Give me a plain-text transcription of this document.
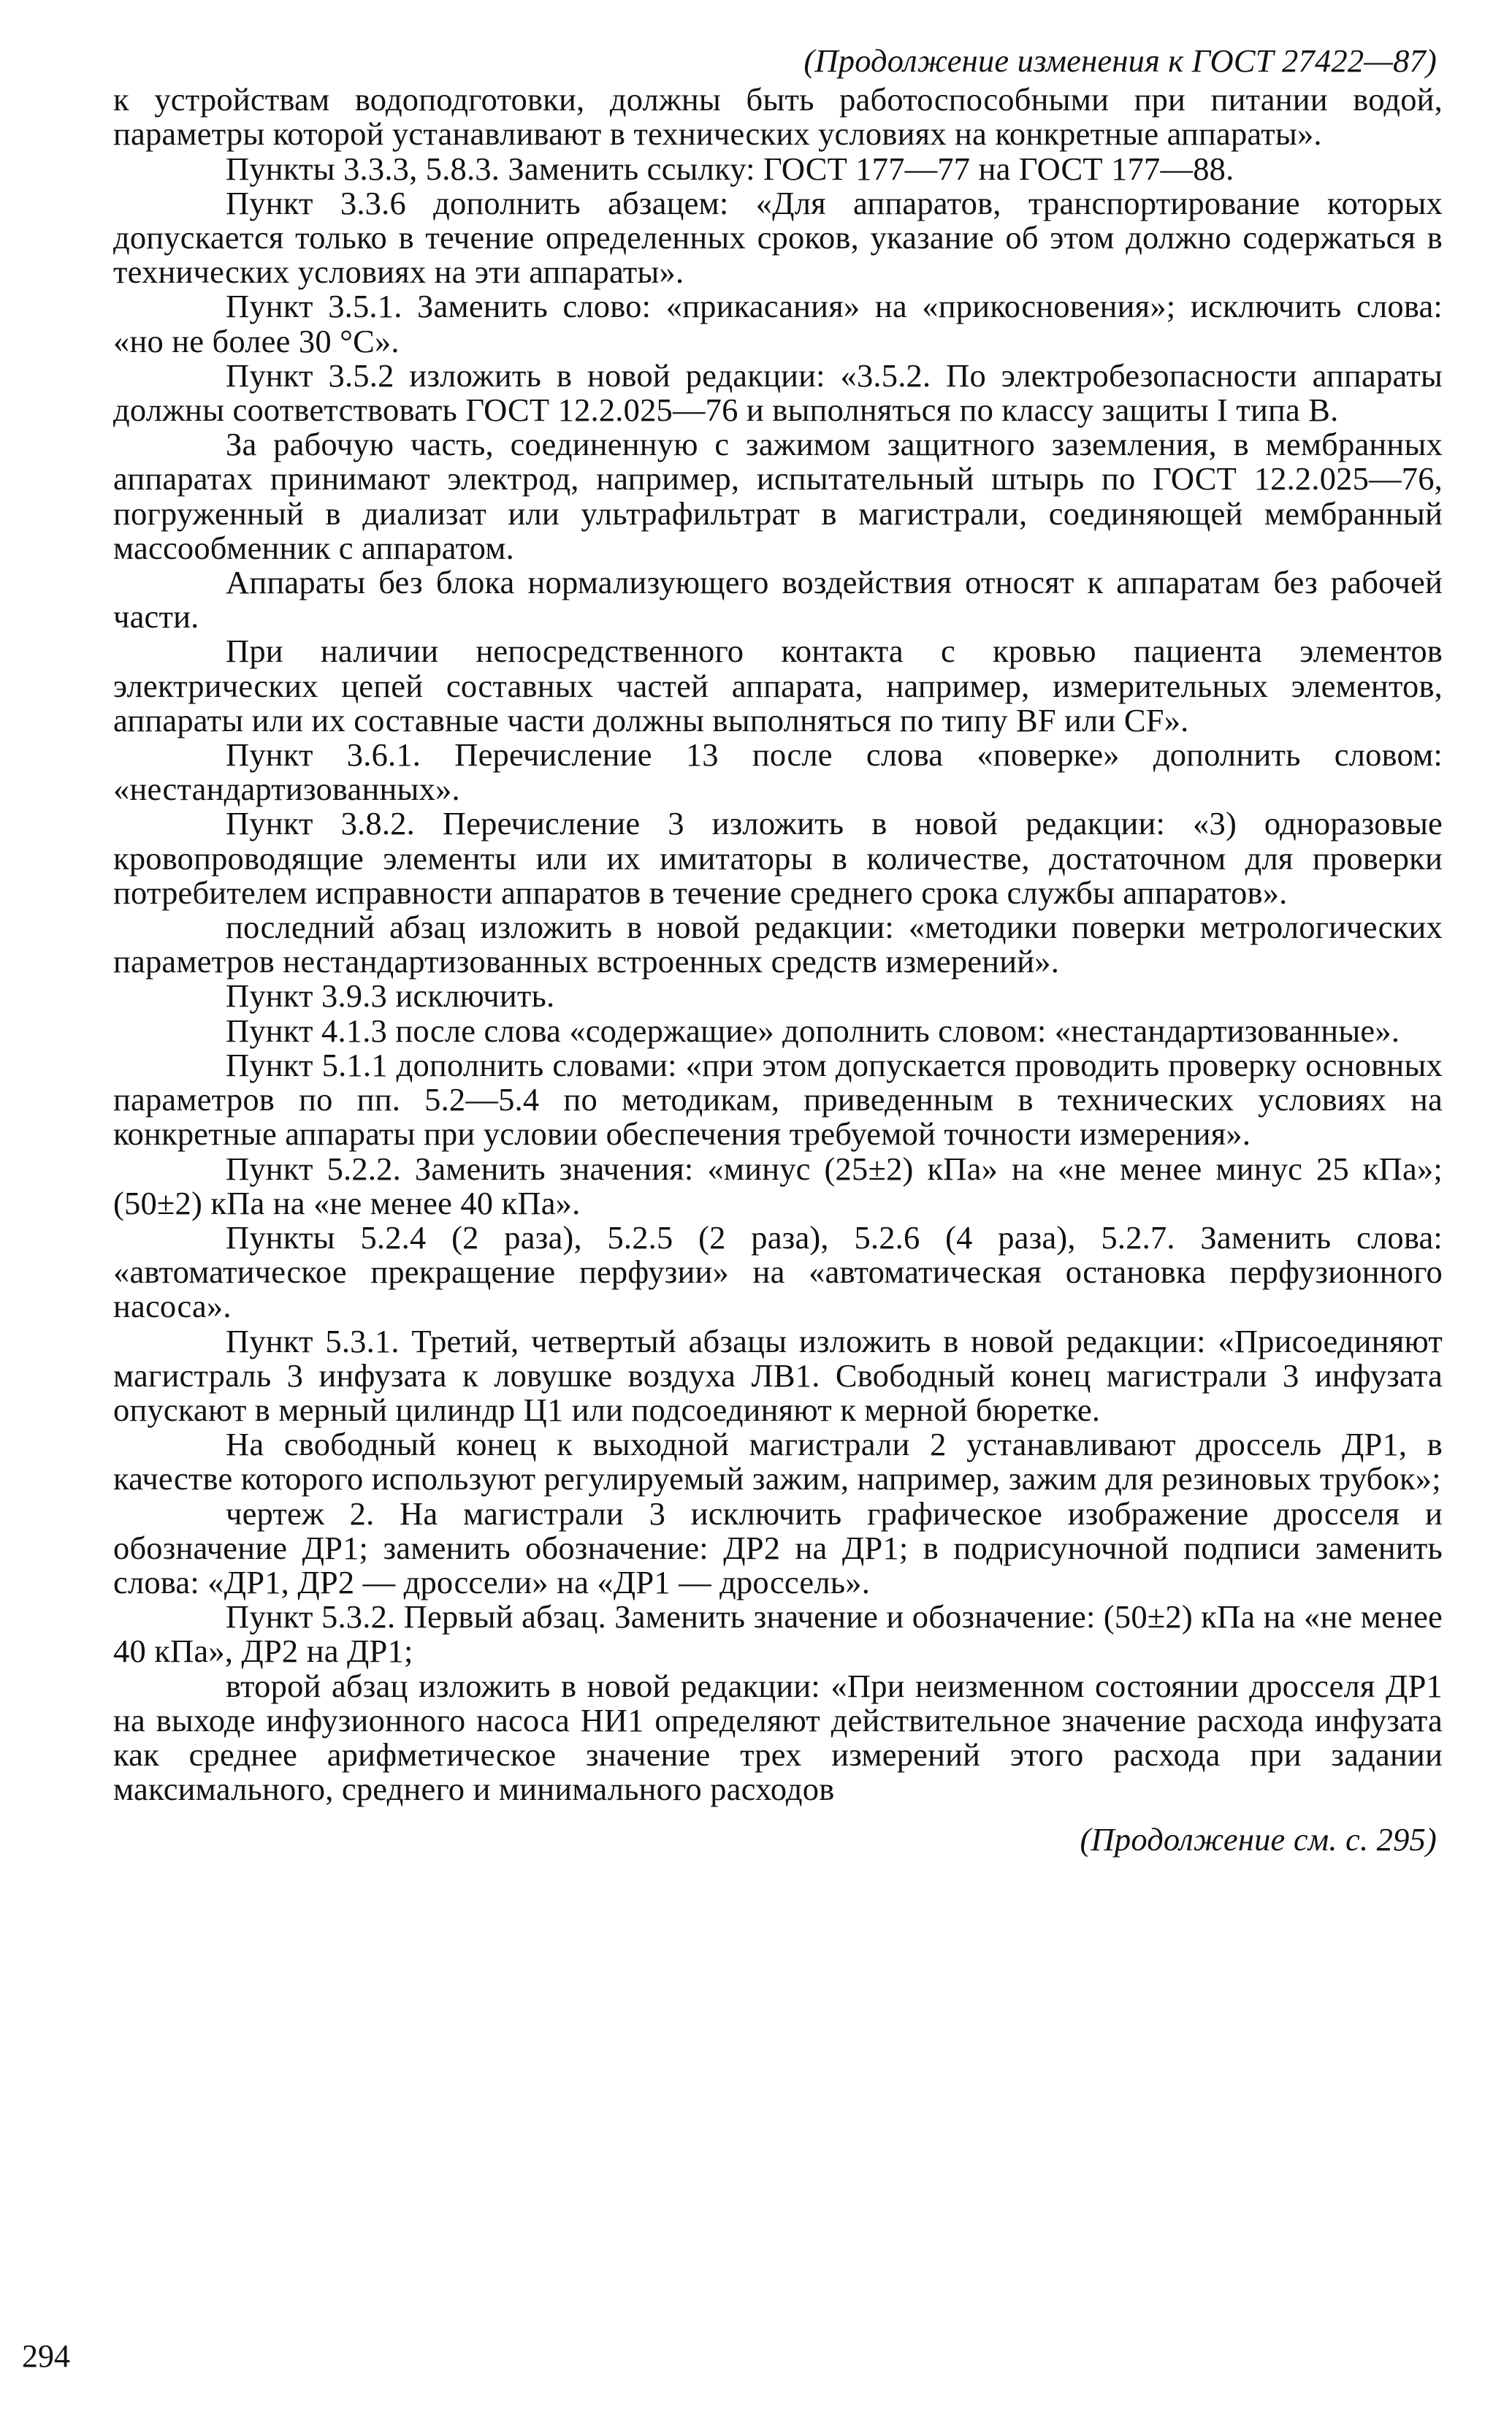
(Продолжение изменения к ГОСТ 27422—87)

к устройствам водоподготовки, должны быть работоспособными при питании водой, параметры которой устанавливают в технических условиях на конкретные аппараты».

Пункты 3.3.3, 5.8.3. Заменить ссылку: ГОСТ 177—77 на ГОСТ 177—88.

Пункт 3.3.6 дополнить абзацем: «Для аппаратов, транспортирование которых допускается только в течение определенных сроков, указание об этом должно содержаться в технических условиях на эти аппараты».

Пункт 3.5.1. Заменить слово: «прикасания» на «прикосновения»; исключить слова: «но не более 30 °С».

Пункт 3.5.2 изложить в новой редакции: «3.5.2. По электробезопасности аппараты должны соответствовать ГОСТ 12.2.025—76 и выполняться по классу защиты I типа В.

За рабочую часть, соединенную с зажимом защитного заземления, в мембранных аппаратах принимают электрод, например, испытательный штырь по ГОСТ 12.2.025—76, погруженный в диализат или ультрафильтрат в магистрали, соединяющей мембранный массообменник с аппаратом.

Аппараты без блока нормализующего воздействия относят к аппаратам без рабочей части.

При наличии непосредственного контакта с кровью пациента элементов электрических цепей составных частей аппарата, например, измерительных элементов, аппараты или их составные части должны выполняться по типу BF или CF».

Пункт 3.6.1. Перечисление 13 после слова «поверке» дополнить словом: «нестандартизованных».

Пункт 3.8.2. Перечисление 3 изложить в новой редакции: «3) одноразовые кровопроводящие элементы или их имитаторы в количестве, достаточном для проверки потребителем исправности аппаратов в течение среднего срока службы аппаратов».

последний абзац изложить в новой редакции: «методики поверки метрологических параметров нестандартизованных встроенных средств измерений».

Пункт 3.9.3 исключить.

Пункт 4.1.3 после слова «содержащие» дополнить словом: «нестандартизованные».

Пункт 5.1.1 дополнить словами: «при этом допускается проводить проверку основных параметров по пп. 5.2—5.4 по методикам, приведенным в технических условиях на конкретные аппараты при условии обеспечения требуемой точности измерения».

Пункт 5.2.2. Заменить значения: «минус (25±2) кПа» на «не менее минус 25 кПа»; (50±2) кПа на «не менее 40 кПа».

Пункты 5.2.4 (2 раза), 5.2.5 (2 раза), 5.2.6 (4 раза), 5.2.7. Заменить слова: «автоматическое прекращение перфузии» на «автоматическая остановка перфузионного насоса».

Пункт 5.3.1. Третий, четвертый абзацы изложить в новой редакции: «Присоединяют магистраль 3 инфузата к ловушке воздуха ЛВ1. Свободный конец магистрали 3 инфузата опускают в мерный цилиндр Ц1 или подсоединяют к мерной бюретке.

На свободный конец к выходной магистрали 2 устанавливают дроссель ДР1, в качестве которого используют регулируемый зажим, например, зажим для резиновых трубок»;

чертеж 2. На магистрали 3 исключить графическое изображение дросселя и обозначение ДР1; заменить обозначение: ДР2 на ДР1; в подрисуночной подписи заменить слова: «ДР1, ДР2 — дроссели» на «ДР1 — дроссель».

Пункт 5.3.2. Первый абзац. Заменить значение и обозначение: (50±2) кПа на «не менее 40 кПа», ДР2 на ДР1;

второй абзац изложить в новой редакции: «При неизменном состоянии дросселя ДР1 на выходе инфузионного насоса НИ1 определяют действительное значение расхода инфузата как среднее арифметическое значение трех измерений этого расхода при задании максимального, среднего и минимального расходов

(Продолжение см. с. 295)
294
